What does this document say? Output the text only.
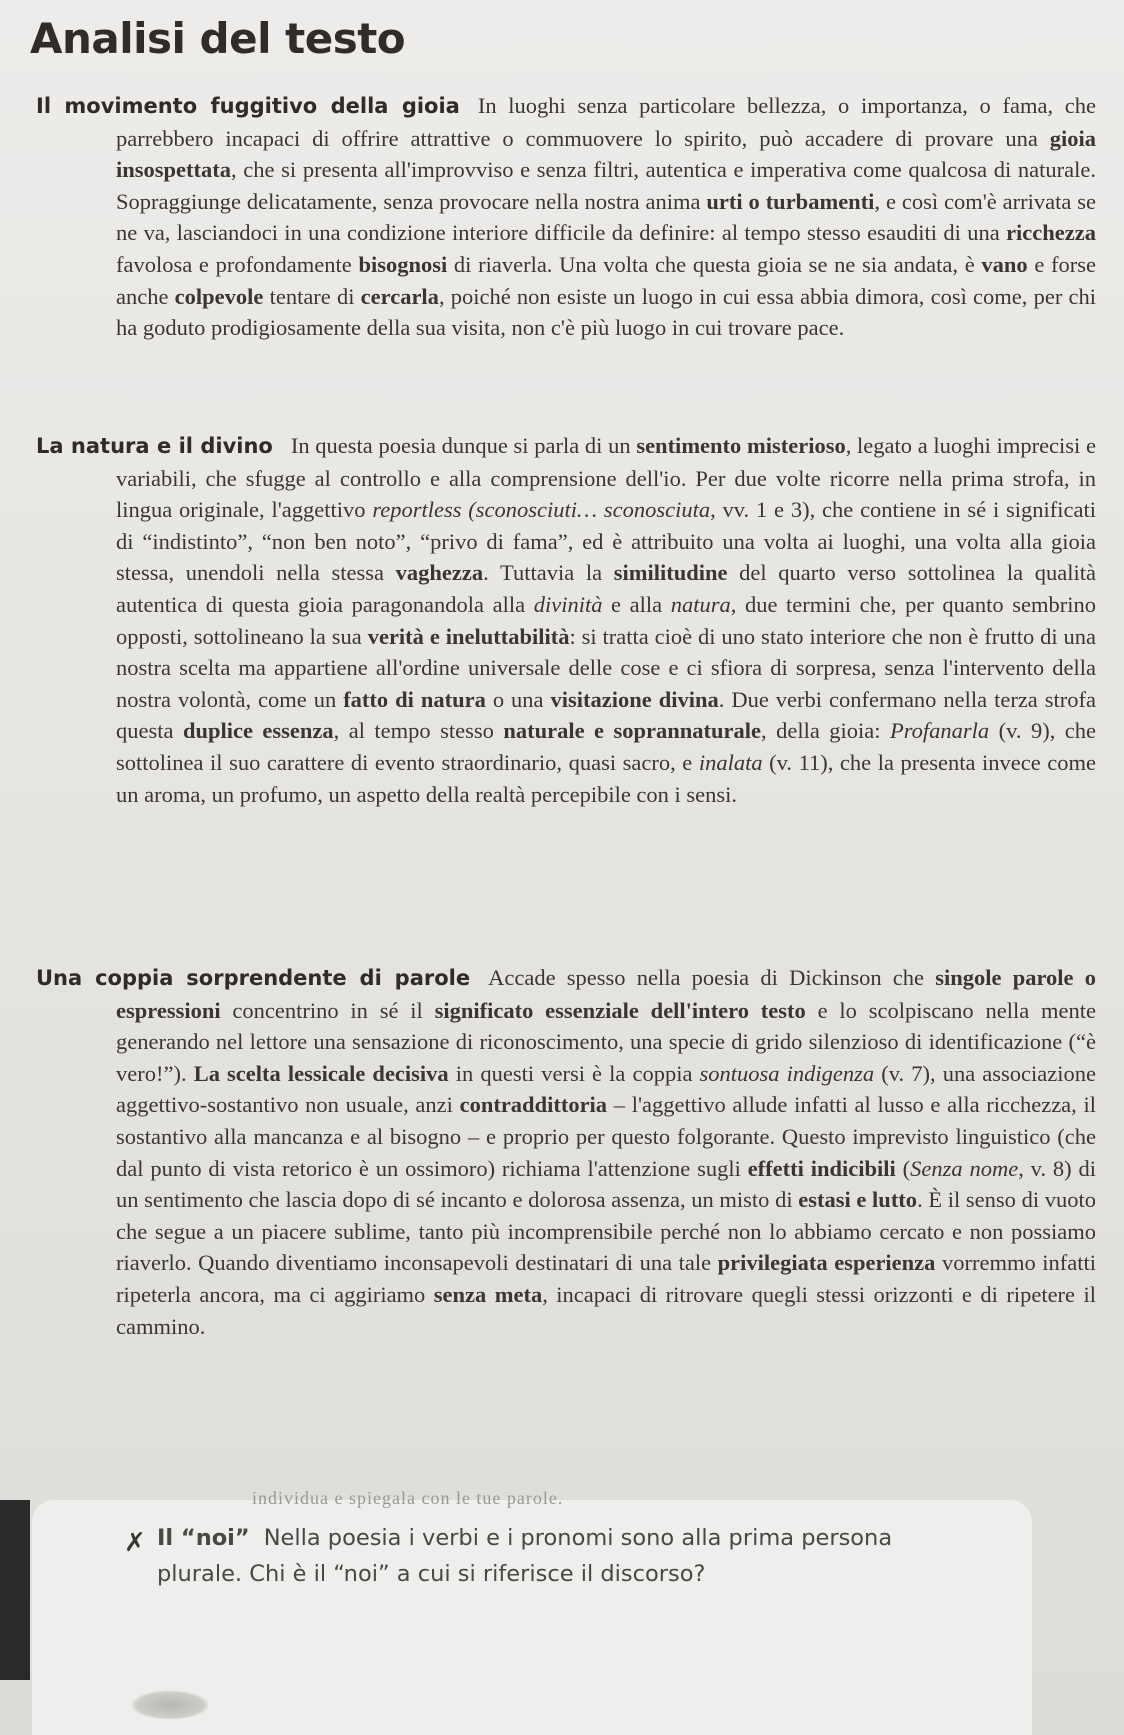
Analisi del testo

Il movimento fuggitivo della gioia In luoghi senza particolare bellezza, o importanza, o fama, che parrebbero incapaci di offrire attrattive o commuovere lo spirito, può accadere di provare una gioia insospettata, che si presenta all'improvviso e senza filtri, autentica e imperativa come qualcosa di naturale. Sopraggiunge delicatamente, senza provocare nella nostra anima urti o turbamenti, e così com'è arrivata se ne va, lasciandoci in una condizione interiore difficile da definire: al tempo stesso esauditi di una ricchezza favolosa e profondamente bisognosi di riaverla. Una volta che questa gioia se ne sia andata, è vano e forse anche colpevole tentare di cercarla, poiché non esiste un luogo in cui essa abbia dimora, così come, per chi ha goduto prodigiosamente della sua visita, non c'è più luogo in cui trovare pace.

La natura e il divino In questa poesia dunque si parla di un sentimento misterioso, legato a luoghi imprecisi e variabili, che sfugge al controllo e alla comprensione dell'io. Per due volte ricorre nella prima strofa, in lingua originale, l'aggettivo reportless (sconosciuti… sconosciuta, vv. 1 e 3), che contiene in sé i significati di “indistinto”, “non ben noto”, “privo di fama”, ed è attribuito una volta ai luoghi, una volta alla gioia stessa, unendoli nella stessa vaghezza. Tuttavia la similitudine del quarto verso sottolinea la qualità autentica di questa gioia paragonandola alla divinità e alla natura, due termini che, per quanto sembrino opposti, sottolineano la sua verità e ineluttabilità: si tratta cioè di uno stato interiore che non è frutto di una nostra scelta ma appartiene all'ordine universale delle cose e ci sfiora di sorpresa, senza l'intervento della nostra volontà, come un fatto di natura o una visitazione divina. Due verbi confermano nella terza strofa questa duplice essenza, al tempo stesso naturale e soprannaturale, della gioia: Profanarla (v. 9), che sottolinea il suo carattere di evento straordinario, quasi sacro, e inalata (v. 11), che la presenta invece come un aroma, un profumo, un aspetto della realtà percepibile con i sensi.

Una coppia sorprendente di parole Accade spesso nella poesia di Dickinson che singole parole o espressioni concentrino in sé il significato essenziale dell'intero testo e lo scolpiscano nella mente generando nel lettore una sensazione di riconoscimento, una specie di grido silenzioso di identificazione (“è vero!”). La scelta lessicale decisiva in questi versi è la coppia sontuosa indigenza (v. 7), una associazione aggettivo-sostantivo non usuale, anzi contraddittoria – l'aggettivo allude infatti al lusso e alla ricchezza, il sostantivo alla mancanza e al bisogno – e proprio per questo folgorante. Questo imprevisto linguistico (che dal punto di vista retorico è un ossimoro) richiama l'attenzione sugli effetti indicibili (Senza nome, v. 8) di un sentimento che lascia dopo di sé incanto e dolorosa assenza, un misto di estasi e lutto. È il senso di vuoto che segue a un piacere sublime, tanto più incomprensibile perché non lo abbiamo cercato e non possiamo riaverlo. Quando diventiamo inconsapevoli destinatari di una tale privilegiata esperienza vorremmo infatti ripeterla ancora, ma ci aggiriamo senza meta, incapaci di ritrovare quegli stessi orizzonti e di ripetere il cammino.

individua e spiegala con le tue parole.
✗ Il “noi” Nella poesia i verbi e i pronomi sono alla prima persona plurale. Chi è il “noi” a cui si riferisce il discorso?
